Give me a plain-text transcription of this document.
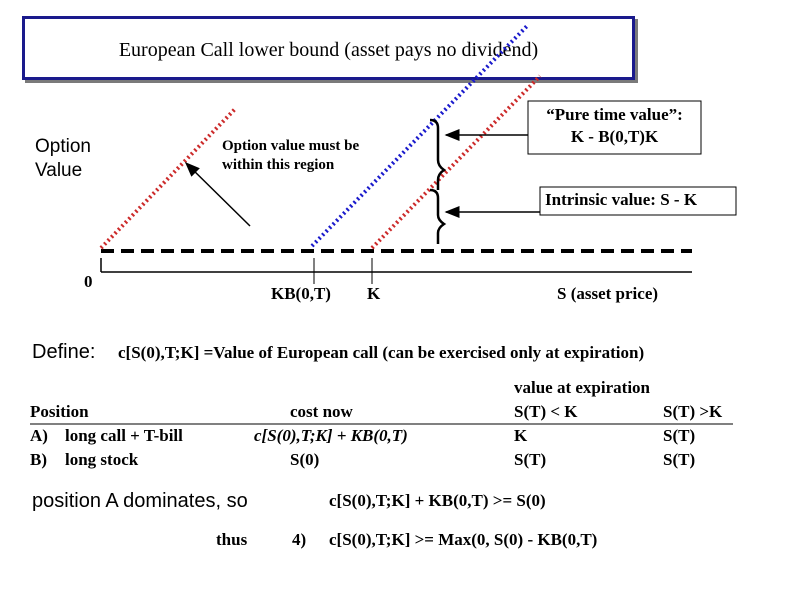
European Call lower bound (asset pays no dividend)
Option
Value
0
KB(0,T) K	S (asset price)
Option value must be
within this region
“Pure time value”:
K - B(0,T)K
Intrinsic value: S - K
Define: c[S(0),T;K] =Value of European call (can be exercised only at expiration)
value at expiration
Position	cost now	S(T) < K	S(T) >K
A) long call + T-bill	c[S(0),T;K] + KB(0,T)	K	S(T)
B) long stock	S(0)	S(T)	S(T)
position A dominates, so	c[S(0),T;K] + KB(0,T) >= S(0)
thus	4) c[S(0),T;K] >= Max(0, S(0) - KB(0,T)
